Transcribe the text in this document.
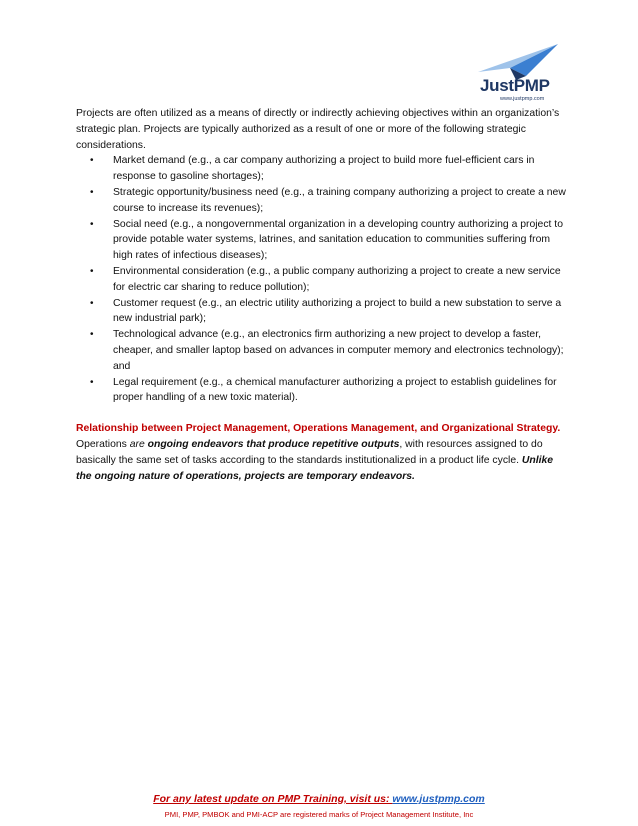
JustPMP
www.justpmp.com

Projects are often utilized as a means of directly or indirectly achieving objectives within an organization’s strategic plan. Projects are typically authorized as a result of one or more of the following strategic considerations.

• Market demand (e.g., a car company authorizing a project to build more fuel-efficient cars in response to gasoline shortages);
• Strategic opportunity/business need (e.g., a training company authorizing a project to create a new course to increase its revenues);
• Social need (e.g., a nongovernmental organization in a developing country authorizing a project to provide potable water systems, latrines, and sanitation education to communities suffering from high rates of infectious diseases);
• Environmental consideration (e.g., a public company authorizing a project to create a new service for electric car sharing to reduce pollution);
• Customer request (e.g., an electric utility authorizing a project to build a new substation to serve a new industrial park);
• Technological advance (e.g., an electronics firm authorizing a new project to develop a faster, cheaper, and smaller laptop based on advances in computer memory and electronics technology); and
• Legal requirement (e.g., a chemical manufacturer authorizing a project to establish guidelines for proper handling of a new toxic material).

Relationship between Project Management, Operations Management, and Organizational Strategy.

Operations are ongoing endeavors that produce repetitive outputs, with resources assigned to do basically the same set of tasks according to the standards institutionalized in a product life cycle. Unlike the ongoing nature of operations, projects are temporary endeavors.

For any latest update on PMP Training, visit us: www.justpmp.com
PMI, PMP, PMBOK and PMI-ACP are registered marks of Project Management Institute, Inc
